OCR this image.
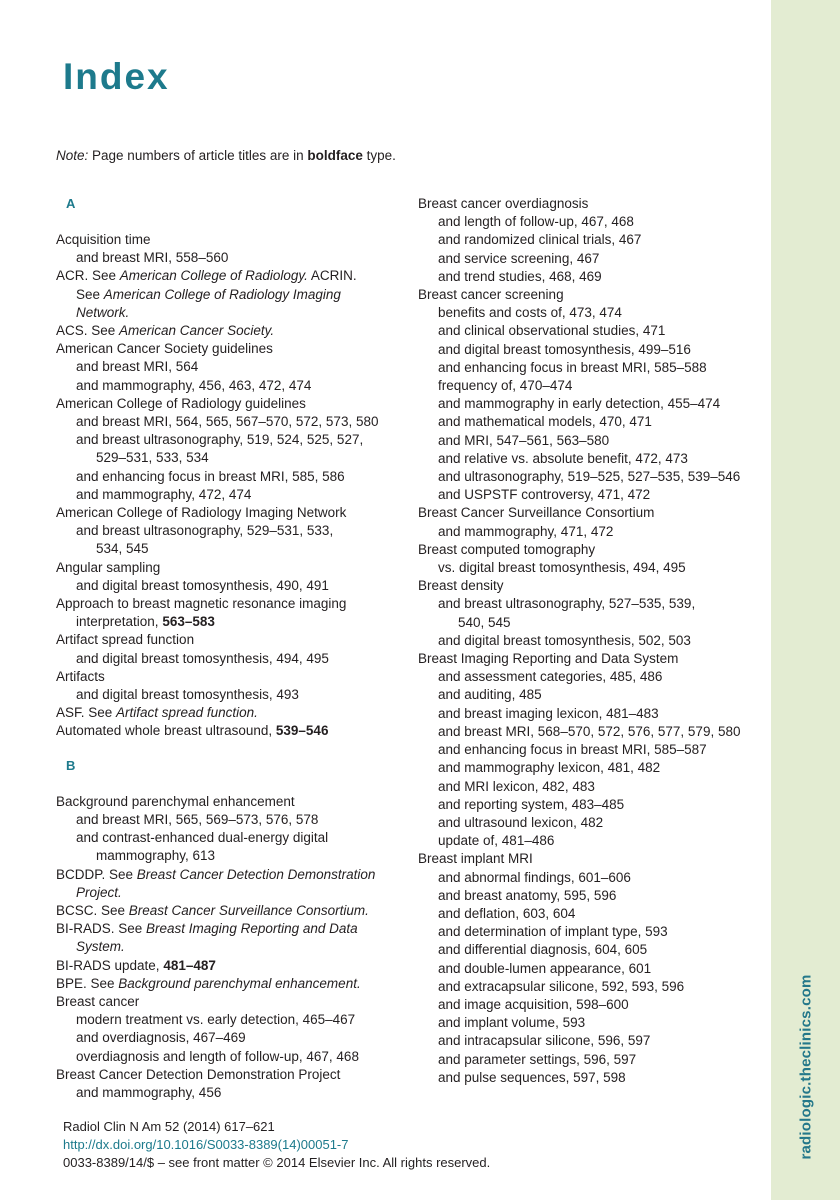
radiologic.theclinics.com
Index
Note: Page numbers of article titles are in boldface type.
A
Acquisition time
and breast MRI, 558–560
ACR. See American College of Radiology. ACRIN.
See American College of Radiology Imaging
Network.
ACS. See American Cancer Society.
American Cancer Society guidelines
and breast MRI, 564
and mammography, 456, 463, 472, 474
American College of Radiology guidelines
and breast MRI, 564, 565, 567–570, 572, 573, 580
and breast ultrasonography, 519, 524, 525, 527,
529–531, 533, 534
and enhancing focus in breast MRI, 585, 586
and mammography, 472, 474
American College of Radiology Imaging Network
and breast ultrasonography, 529–531, 533,
534, 545
Angular sampling
and digital breast tomosynthesis, 490, 491
Approach to breast magnetic resonance imaging
interpretation, 563–583
Artifact spread function
and digital breast tomosynthesis, 494, 495
Artifacts
and digital breast tomosynthesis, 493
ASF. See Artifact spread function.
Automated whole breast ultrasound, 539–546
B
Background parenchymal enhancement
and breast MRI, 565, 569–573, 576, 578
and contrast-enhanced dual-energy digital
mammography, 613
BCDDP. See Breast Cancer Detection Demonstration
Project.
BCSC. See Breast Cancer Surveillance Consortium.
BI-RADS. See Breast Imaging Reporting and Data
System.
BI-RADS update, 481–487
BPE. See Background parenchymal enhancement.
Breast cancer
modern treatment vs. early detection, 465–467
and overdiagnosis, 467–469
overdiagnosis and length of follow-up, 467, 468
Breast Cancer Detection Demonstration Project
and mammography, 456
Breast cancer overdiagnosis
and length of follow-up, 467, 468
and randomized clinical trials, 467
and service screening, 467
and trend studies, 468, 469
Breast cancer screening
benefits and costs of, 473, 474
and clinical observational studies, 471
and digital breast tomosynthesis, 499–516
and enhancing focus in breast MRI, 585–588
frequency of, 470–474
and mammography in early detection, 455–474
and mathematical models, 470, 471
and MRI, 547–561, 563–580
and relative vs. absolute benefit, 472, 473
and ultrasonography, 519–525, 527–535, 539–546
and USPSTF controversy, 471, 472
Breast Cancer Surveillance Consortium
and mammography, 471, 472
Breast computed tomography
vs. digital breast tomosynthesis, 494, 495
Breast density
and breast ultrasonography, 527–535, 539,
540, 545
and digital breast tomosynthesis, 502, 503
Breast Imaging Reporting and Data System
and assessment categories, 485, 486
and auditing, 485
and breast imaging lexicon, 481–483
and breast MRI, 568–570, 572, 576, 577, 579, 580
and enhancing focus in breast MRI, 585–587
and mammography lexicon, 481, 482
and MRI lexicon, 482, 483
and reporting system, 483–485
and ultrasound lexicon, 482
update of, 481–486
Breast implant MRI
and abnormal findings, 601–606
and breast anatomy, 595, 596
and deflation, 603, 604
and determination of implant type, 593
and differential diagnosis, 604, 605
and double-lumen appearance, 601
and extracapsular silicone, 592, 593, 596
and image acquisition, 598–600
and implant volume, 593
and intracapsular silicone, 596, 597
and parameter settings, 596, 597
and pulse sequences, 597, 598
Radiol Clin N Am 52 (2014) 617–621
http://dx.doi.org/10.1016/S0033-8389(14)00051-7
0033-8389/14/$ – see front matter © 2014 Elsevier Inc. All rights reserved.
